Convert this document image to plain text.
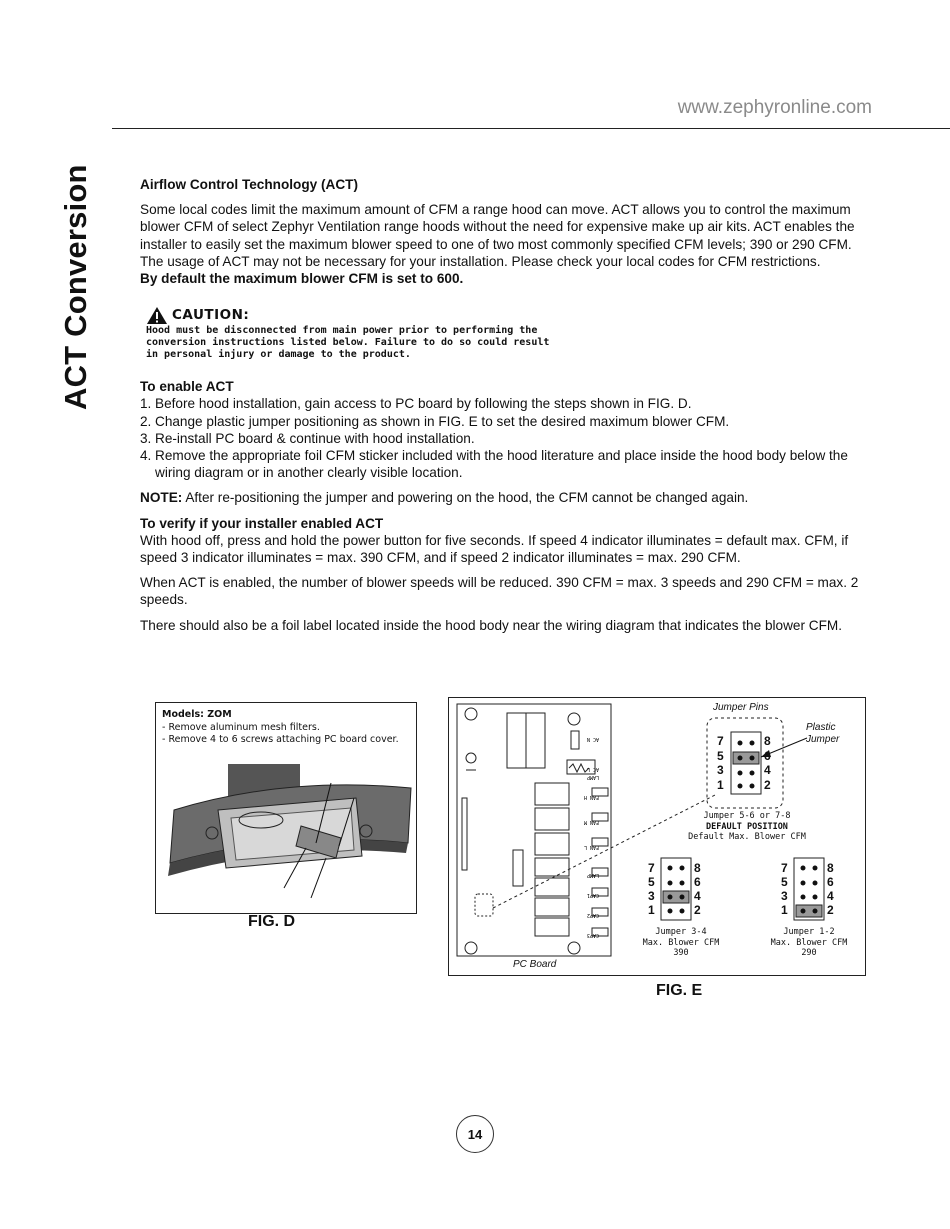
www.zephyronline.com
ACT Conversion	Airflow Control Technology (ACT)

Some local codes limit the maximum amount of CFM a range hood can move. ACT allows you to control the maximum blower CFM of select Zephyr Ventilation range hoods without the need for expensive make up air kits. ACT enables the installer to easily set the maximum blower speed to one of two most commonly specified CFM levels; 390 or 290 CFM. The usage of ACT may not be necessary for your installation. Please check your local codes for CFM restrictions.

By default the maximum blower CFM is set to 600.

CAUTION:
Hood must be disconnected from main power prior to performing the conversion instructions listed below. Failure to do so could result in personal injury or damage to the product.

To enable ACT

1. Before hood installation, gain access to PC board by following the steps shown in FIG. D.
2. Change plastic jumper positioning as shown in FIG. E to set the desired maximum blower CFM.
3. Re-install PC board & continue with hood installation.
4. Remove the appropriate foil CFM sticker included with the hood literature and place inside the hood body below the wiring diagram or in another clearly visible location.

NOTE: After re-positioning the jumper and powering on the hood, the CFM cannot be changed again.

To verify if your installer enabled ACT

With hood off, press and hold the power button for five seconds. If speed 4 indicator illuminates = default max. CFM, if speed 3 indicator illuminates = max. 390 CFM, and if speed 2 indicator illuminates = max. 290 CFM.

When ACT is enabled, the number of blower speeds will be reduced. 390 CFM = max. 3 speeds and 290 CFM = max. 2 speeds.

There should also be a foil label located inside the hood body near the wiring diagram that indicates the blower CFM.

Models: ZOM
- Remove aluminum mesh filters.
- Remove 4 to 6 screws attaching PC board cover.
FIG. D
AC N
AC L
LAMP
FAN H
FAN M
FAN L
LAMP
CAP1
CAP2
CAP3
Jumper Pins
Plastic
Jumper
7
5
3
1
8
6
4
2
Jumper 5-6 or 7-8
DEFAULT POSITION
Default Max. Blower CFM
7
5
3
1
8
6
4
2
Jumper 3-4
Max. Blower CFM
390
7
5
3
1
8
6
4
2
Jumper 1-2
Max. Blower CFM
290
PC Board
FIG. E
14
